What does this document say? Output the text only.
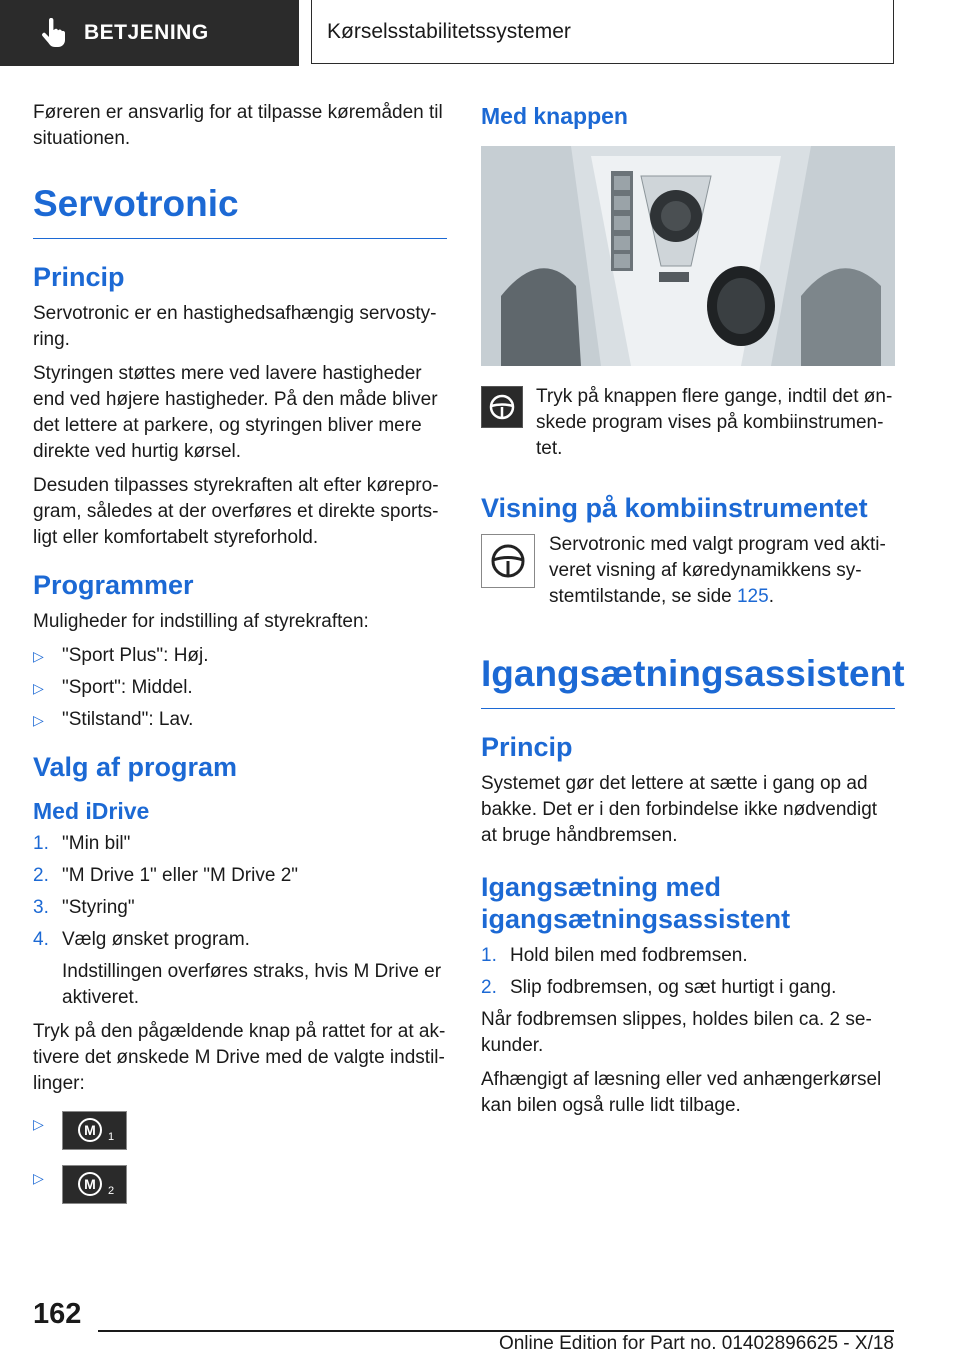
BETJENING	Kørselsstabilitetssystemer

Føreren er ansvarlig for at tilpasse køremåden til situationen.

Servotronic
Princip

Servotronic er en hastighedsafhængig servostyring.

Styringen støttes mere ved lavere hastigheder end ved højere hastigheder. På den måde bliver det lettere at parkere, og styringen bliver mere direkte ved hurtig kørsel.

Desuden tilpasses styrekraften alt efter køreprogram, således at der overføres et direkte sportsligt eller komfortabelt styreforhold.

Programmer

Muligheder for indstilling af styrekraften:

▷ "Sport Plus": Høj.
▷ "Sport": Middel.
▷ "Stilstand": Lav.
Valg af program
Med iDrive
1. "Min bil"
2. "M Drive 1" eller "M Drive 2"
3. "Styring"
4. Vælg ønsket program.
Indstillingen overføres straks, hvis M Drive er aktiveret.

Tryk på den pågældende knap på rattet for at aktivere det ønskede M Drive med de valgte indstillinger:

▷	M 1
▷	M 2
Med knappen
Tryk på knappen flere gange, indtil det ønskede program vises på kombiinstrumentet.
Visning på kombiinstrumentet
Servotronic med valgt program ved aktiveret visning af køredynamikkens systemtilstande, se side 125.
Igangsætningsassistent
Princip

Systemet gør det lettere at sætte i gang op ad bakke. Det er i den forbindelse ikke nødvendigt at bruge håndbremsen.

Igangsætning med igangsætningsassistent
1. Hold bilen med fodbremsen.
2. Slip fodbremsen, og sæt hurtigt i gang.

Når fodbremsen slippes, holdes bilen ca. 2 sekunder.

Afhængigt af læsning eller ved anhængerkørsel kan bilen også rulle lidt tilbage.

162
Online Edition for Part no. 01402896625 - X/18
